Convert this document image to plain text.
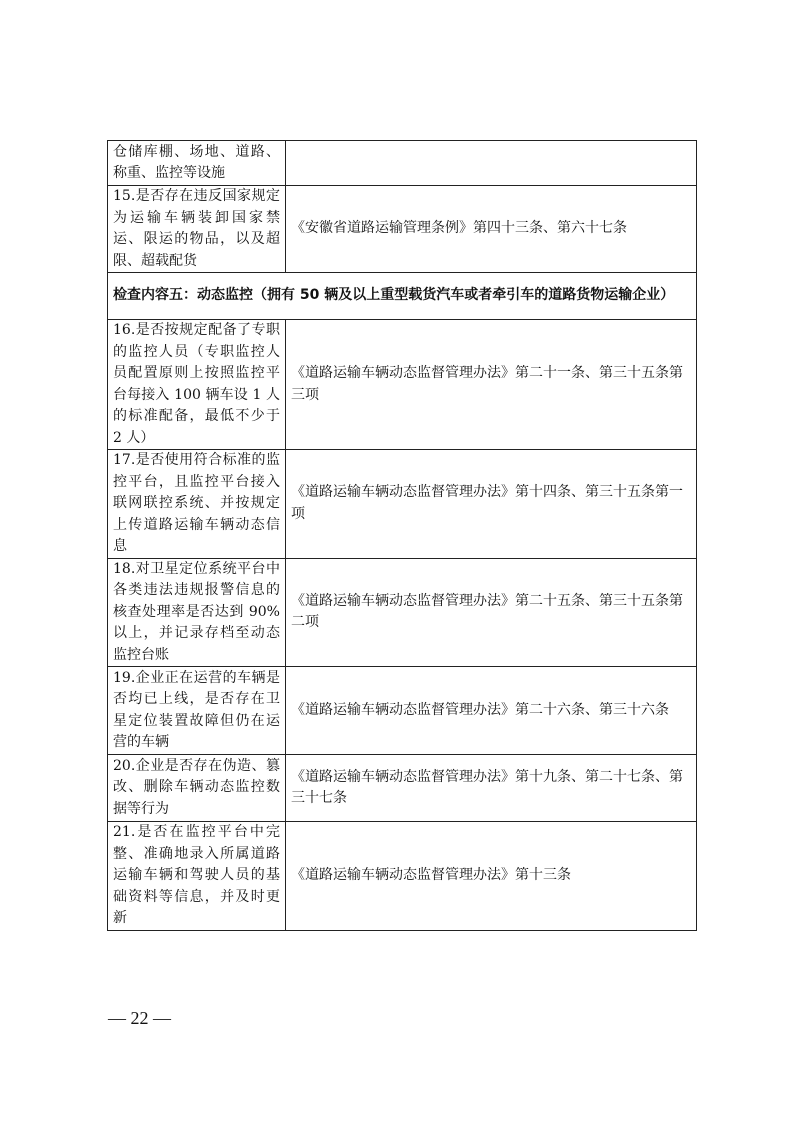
仓储库棚、场地、道路、称重、监控等设施	
15.是否存在违反国家规定为运输车辆装卸国家禁运、限运的物品，以及超限、超载配货	《安徽省道路运输管理条例》第四十三条、第六十七条
检查内容五：动态监控（拥有 50 辆及以上重型载货汽车或者牵引车的道路货物运输企业）	
16.是否按规定配备了专职的监控人员（专职监控人员配置原则上按照监控平台每接入 100 辆车设 1 人的标准配备，最低不少于 2 人）	《道路运输车辆动态监督管理办法》第二十一条、第三十五条第三项
17.是否使用符合标准的监控平台，且监控平台接入联网联控系统、并按规定上传道路运输车辆动态信息	《道路运输车辆动态监督管理办法》第十四条、第三十五条第一项
18.对卫星定位系统平台中各类违法违规报警信息的核查处理率是否达到 90%以上，并记录存档至动态监控台账	《道路运输车辆动态监督管理办法》第二十五条、第三十五条第二项
19.企业正在运营的车辆是否均已上线，是否存在卫星定位装置故障但仍在运营的车辆	《道路运输车辆动态监督管理办法》第二十六条、第三十六条
20.企业是否存在伪造、篡改、删除车辆动态监控数据等行为	《道路运输车辆动态监督管理办法》第十九条、第二十七条、第三十七条
21.是否在监控平台中完整、准确地录入所属道路运输车辆和驾驶人员的基础资料等信息，并及时更新	《道路运输车辆动态监督管理办法》第十三条
— 22 —
